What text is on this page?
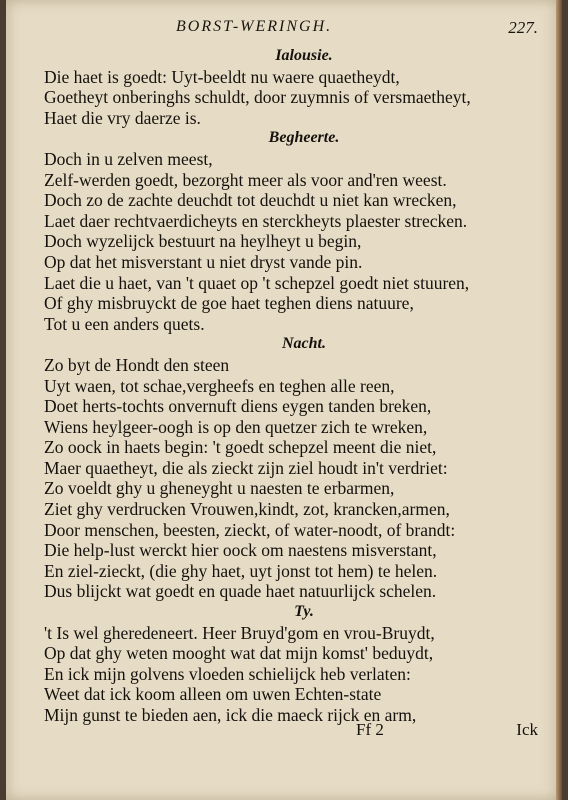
BORST-WERINGH.	227.
Ialousie.
Die haet is goedt: Uyt-beeldt nu waere quaetheydt,
Goetheyt onberinghs schuldt, door zuymnis of versmaetheyt,
Haet die vry daerze is.
Begheerte.
Doch in u zelven meest,
Zelf-werden goedt, bezorght meer als voor and'ren weest.
Doch zo de zachte deuchdt tot deuchdt u niet kan wrecken,
Laet daer rechtvaerdicheyts en sterckheyts plaester strecken.
Doch wyzelijck bestuurt na heylheyt u begin,
Op dat het misverstant u niet dryst vande pin.
Laet die u haet, van 't quaet op 't schepzel goedt niet stuuren,
Of ghy misbruyckt de goe haet teghen diens natuure,
Tot u een anders quets.
Nacht.
Zo byt de Hondt den steen
Uyt waen, tot schae,vergheefs en teghen alle reen,
Doet herts-tochts onvernuft diens eygen tanden breken,
Wiens heylgeer-oogh is op den quetzer zich te wreken,
Zo oock in haets begin: 't goedt schepzel meent die niet,
Maer quaetheyt, die als zieckt zijn ziel houdt in't verdriet:
Zo voeldt ghy u gheneyght u naesten te erbarmen,
Ziet ghy verdrucken Vrouwen,kindt, zot, krancken,armen,
Door menschen, beesten, zieckt, of water-noodt, of brandt:
Die help-lust werckt hier oock om naestens misverstant,
En ziel-zieckt, (die ghy haet, uyt jonst tot hem) te helen.
Dus blijckt wat goedt en quade haet natuurlijck schelen.
Ty.
't Is wel gheredeneert. Heer Bruyd'gom en vrou-Bruydt,
Op dat ghy weten mooght wat dat mijn komst' beduydt,
En ick mijn golvens vloeden schielijck heb verlaten:
Weet dat ick koom alleen om uwen Echten-state
Mijn gunst te bieden aen, ick die maeck rijck en arm,
Ff 2	Ick
